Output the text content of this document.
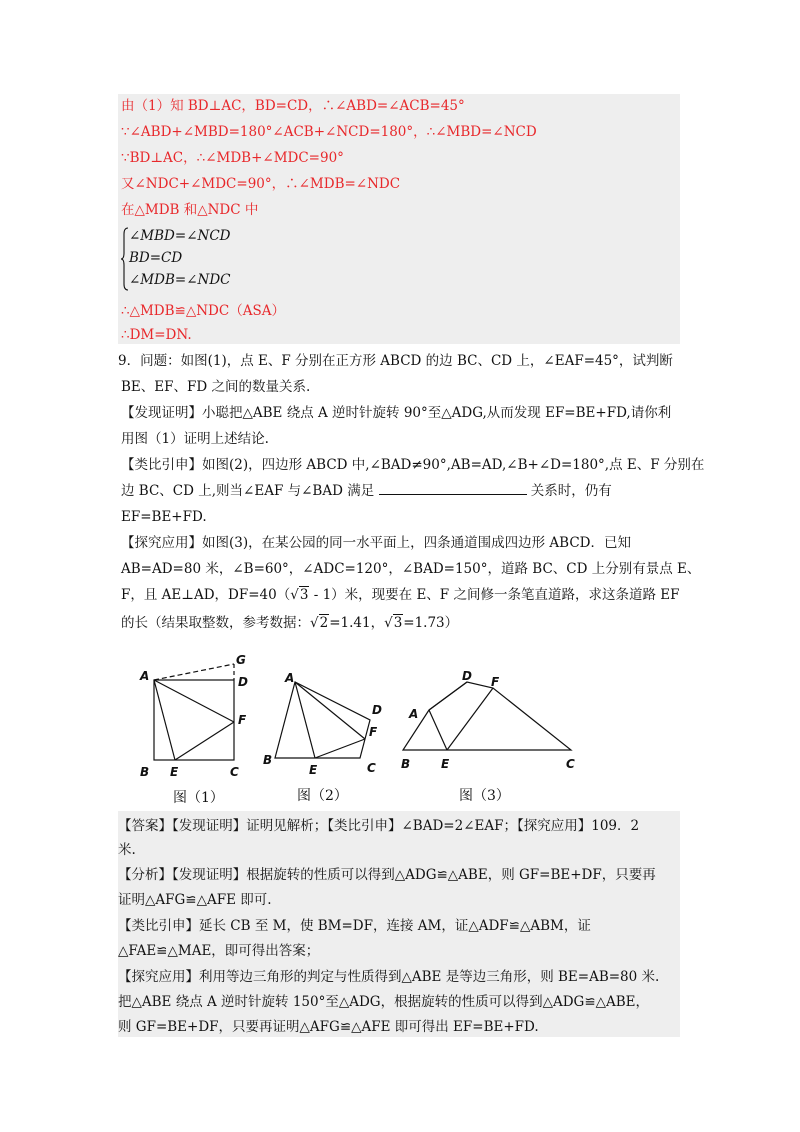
由（1）知 BD⊥AC，BD=CD，∴∠ABD=∠ACB=45°
∵∠ABD+∠MBD=180°∠ACB+∠NCD=180°，∴∠MBD=∠NCD
∵BD⊥AC，∴∠MDB+∠MDC=90°
又∠NDC+∠MDC=90°，∴∠MDB=∠NDC
在△MDB 和△NDC 中
∠MBD=∠NCD
BD=CD
∠MDB=∠NDC
∴△MDB≌△NDC（ASA）
∴DM=DN.
9．问题：如图(1)，点 E、F 分别在正方形 ABCD 的边 BC、CD 上，∠EAF=45°，试判断
BE、EF、FD 之间的数量关系.
【发现证明】小聪把△ABE 绕点 A 逆时针旋转 90°至△ADG,从而发现 EF=BE+FD,请你利
用图（1）证明上述结论.
【类比引申】如图(2)，四边形 ABCD 中,∠BAD≠90°,AB=AD,∠B+∠D=180°,点 E、F 分别在
边 BC、CD 上,则当∠EAF 与∠BAD 满足	关系时，仍有
EF=BE+FD.
【探究应用】如图(3)，在某公园的同一水平面上，四条通道围成四边形 ABCD．已知
AB=AD=80 米，∠B=60°，∠ADC=120°，∠BAD=150°，道路 BC、CD 上分别有景点 E、
F，且 AE⊥AD，DF=40（√3 - 1）米，现要在 E、F 之间修一条笔直道路，求这条道路 EF
的长（结果取整数，参考数据：√2=1.41，√3=1.73）
A
G
D
F
B E	C
A
D
F
B
E	C
D F
A
B	E	C
图（1）	图（2）	图（3）
【答案】【发现证明】证明见解析；【类比引申】∠BAD=2∠EAF；【探究应用】109．2
米.
【分析】【发现证明】根据旋转的性质可以得到△ADG≌△ABE，则 GF=BE+DF，只要再
证明△AFG≌△AFE 即可.
【类比引申】延长 CB 至 M，使 BM=DF，连接 AM，证△ADF≌△ABM，证
△FAE≌△MAE，即可得出答案；
【探究应用】利用等边三角形的判定与性质得到△ABE 是等边三角形，则 BE=AB=80 米.
把△ABE 绕点 A 逆时针旋转 150°至△ADG，根据旋转的性质可以得到△ADG≌△ABE，
则 GF=BE+DF，只要再证明△AFG≌△AFE 即可得出 EF=BE+FD.
